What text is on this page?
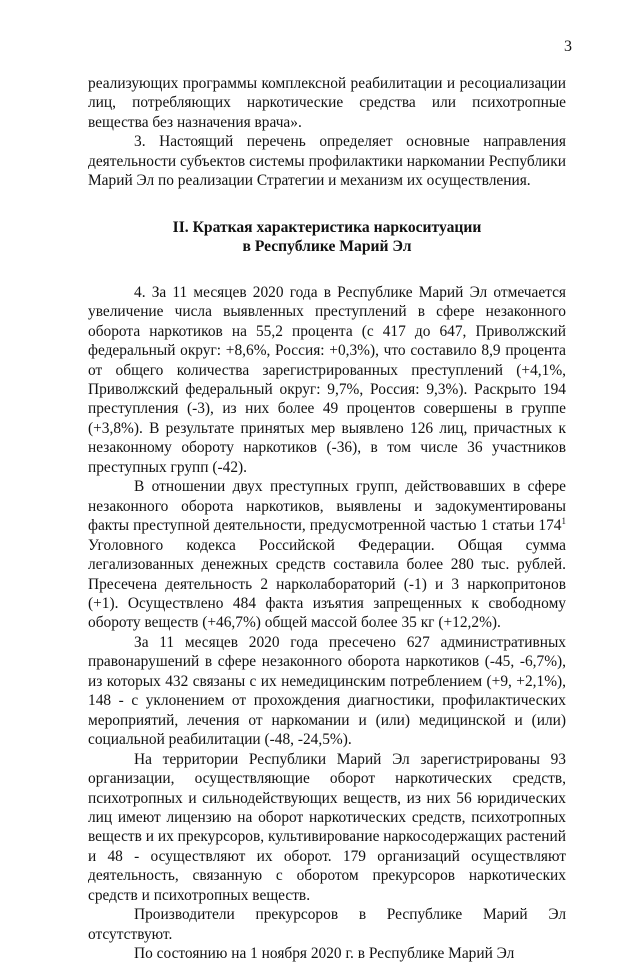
3

реализующих программы комплексной реабилитации и ресоциализации лиц, потребляющих наркотические средства или психотропные вещества без назначения врача».

3. Настоящий перечень определяет основные направления деятельности субъектов системы профилактики наркомании Республики Марий Эл по реализации Стратегии и механизм их осуществления.

II. Краткая характеристика наркоситуации
в Республике Марий Эл

4. За 11 месяцев 2020 года в Республике Марий Эл отмечается увеличение числа выявленных преступлений в сфере незаконного оборота наркотиков на 55,2 процента (с 417 до 647, Приволжский федеральный округ: +8,6%, Россия: +0,3%), что составило 8,9 процента от общего количества зарегистрированных преступлений (+4,1%, Приволжский федеральный округ: 9,7%, Россия: 9,3%). Раскрыто 194 преступления (-3), из них более 49 процентов совершены в группе (+3,8%). В результате принятых мер выявлено 126 лиц, причастных к незаконному обороту наркотиков (-36), в том числе 36 участников преступных групп (-42).

В отношении двух преступных групп, действовавших в сфере незаконного оборота наркотиков, выявлены и задокументированы факты преступной деятельности, предусмотренной частью 1 статьи $174^1$ Уголовного кодекса Российской Федерации. Общая сумма легализованных денежных средств составила более 280 тыс. рублей. Пресечена деятельность 2 нарколабораторий (-1) и 3 наркопритонов (+1). Осуществлено 484 факта изъятия запрещенных к свободному обороту веществ (+46,7%) общей массой более 35 кг (+12,2%).

За 11 месяцев 2020 года пресечено 627 административных правонарушений в сфере незаконного оборота наркотиков (-45, -6,7%), из которых 432 связаны с их немедицинским потреблением (+9, +2,1%), 148 - с уклонением от прохождения диагностики, профилактических мероприятий, лечения от наркомании и (или) медицинской и (или) социальной реабилитации (-48, -24,5%).

На территории Республики Марий Эл зарегистрированы 93 организации, осуществляющие оборот наркотических средств, психотропных и сильнодействующих веществ, из них 56 юридических лиц имеют лицензию на оборот наркотических средств, психотропных веществ и их прекурсоров, культивирование наркосодержащих растений и 48 - осуществляют их оборот. 179 организаций осуществляют деятельность, связанную с оборотом прекурсоров наркотических средств и психотропных веществ.

Производители прекурсоров в Республике Марий Эл отсутствуют.

По состоянию на 1 ноября 2020 г. в Республике Марий Эл
